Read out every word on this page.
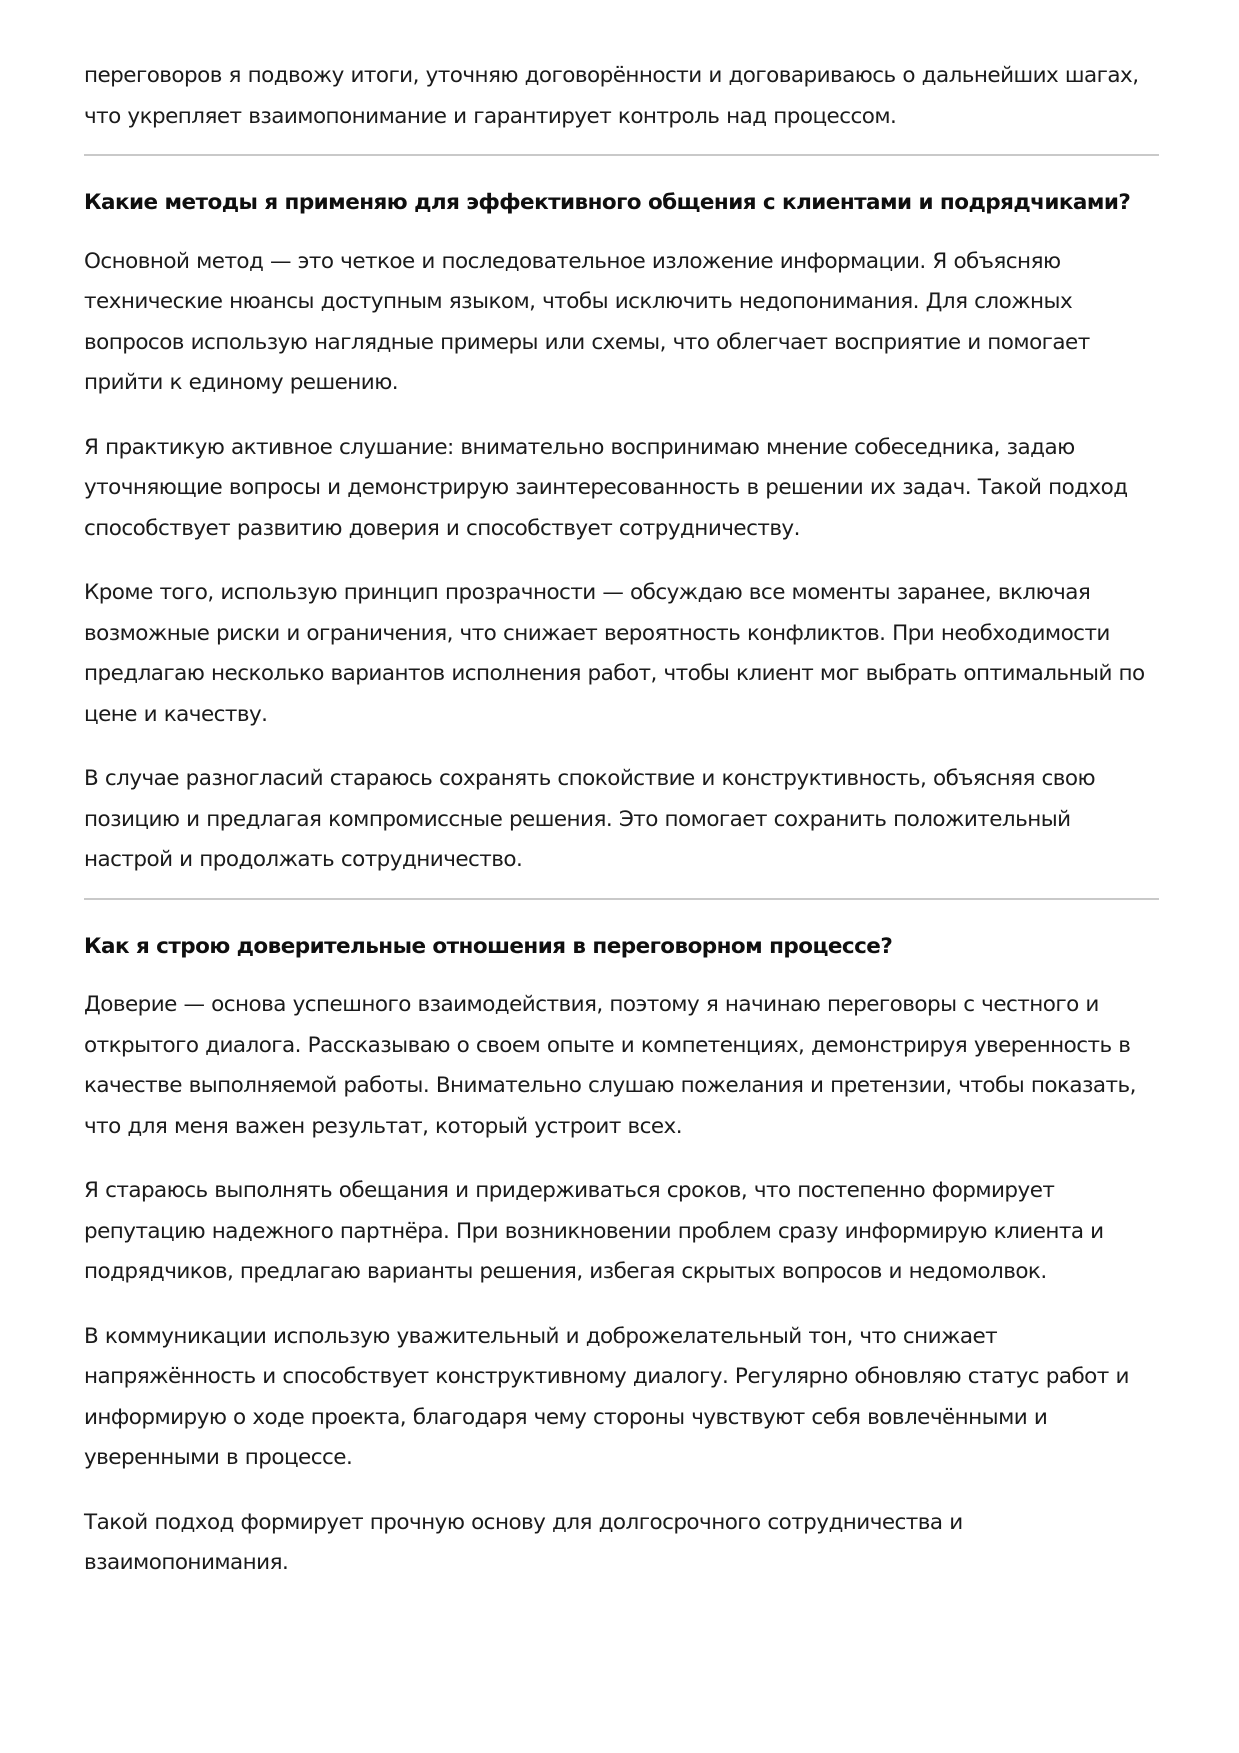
переговоров я подвожу итоги, уточняю договорённости и договариваюсь о дальнейших шагах, что укрепляет взаимопонимание и гарантирует контроль над процессом.

Какие методы я применяю для эффективного общения с клиентами и подрядчиками?

Основной метод — это четкое и последовательное изложение информации. Я объясняю технические нюансы доступным языком, чтобы исключить недопонимания. Для сложных вопросов использую наглядные примеры или схемы, что облегчает восприятие и помогает прийти к единому решению.

Я практикую активное слушание: внимательно воспринимаю мнение собеседника, задаю уточняющие вопросы и демонстрирую заинтересованность в решении их задач. Такой подход способствует развитию доверия и способствует сотрудничеству.

Кроме того, использую принцип прозрачности — обсуждаю все моменты заранее, включая возможные риски и ограничения, что снижает вероятность конфликтов. При необходимости предлагаю несколько вариантов исполнения работ, чтобы клиент мог выбрать оптимальный по цене и качеству.

В случае разногласий стараюсь сохранять спокойствие и конструктивность, объясняя свою позицию и предлагая компромиссные решения. Это помогает сохранить положительный настрой и продолжать сотрудничество.

Как я строю доверительные отношения в переговорном процессе?

Доверие — основа успешного взаимодействия, поэтому я начинаю переговоры с честного и открытого диалога. Рассказываю о своем опыте и компетенциях, демонстрируя уверенность в качестве выполняемой работы. Внимательно слушаю пожелания и претензии, чтобы показать, что для меня важен результат, который устроит всех.

Я стараюсь выполнять обещания и придерживаться сроков, что постепенно формирует репутацию надежного партнёра. При возникновении проблем сразу информирую клиента и подрядчиков, предлагаю варианты решения, избегая скрытых вопросов и недомолвок.

В коммуникации использую уважительный и доброжелательный тон, что снижает напряжённость и способствует конструктивному диалогу. Регулярно обновляю статус работ и информирую о ходе проекта, благодаря чему стороны чувствуют себя вовлечёнными и уверенными в процессе.

Такой подход формирует прочную основу для долгосрочного сотрудничества и взаимопонимания.
